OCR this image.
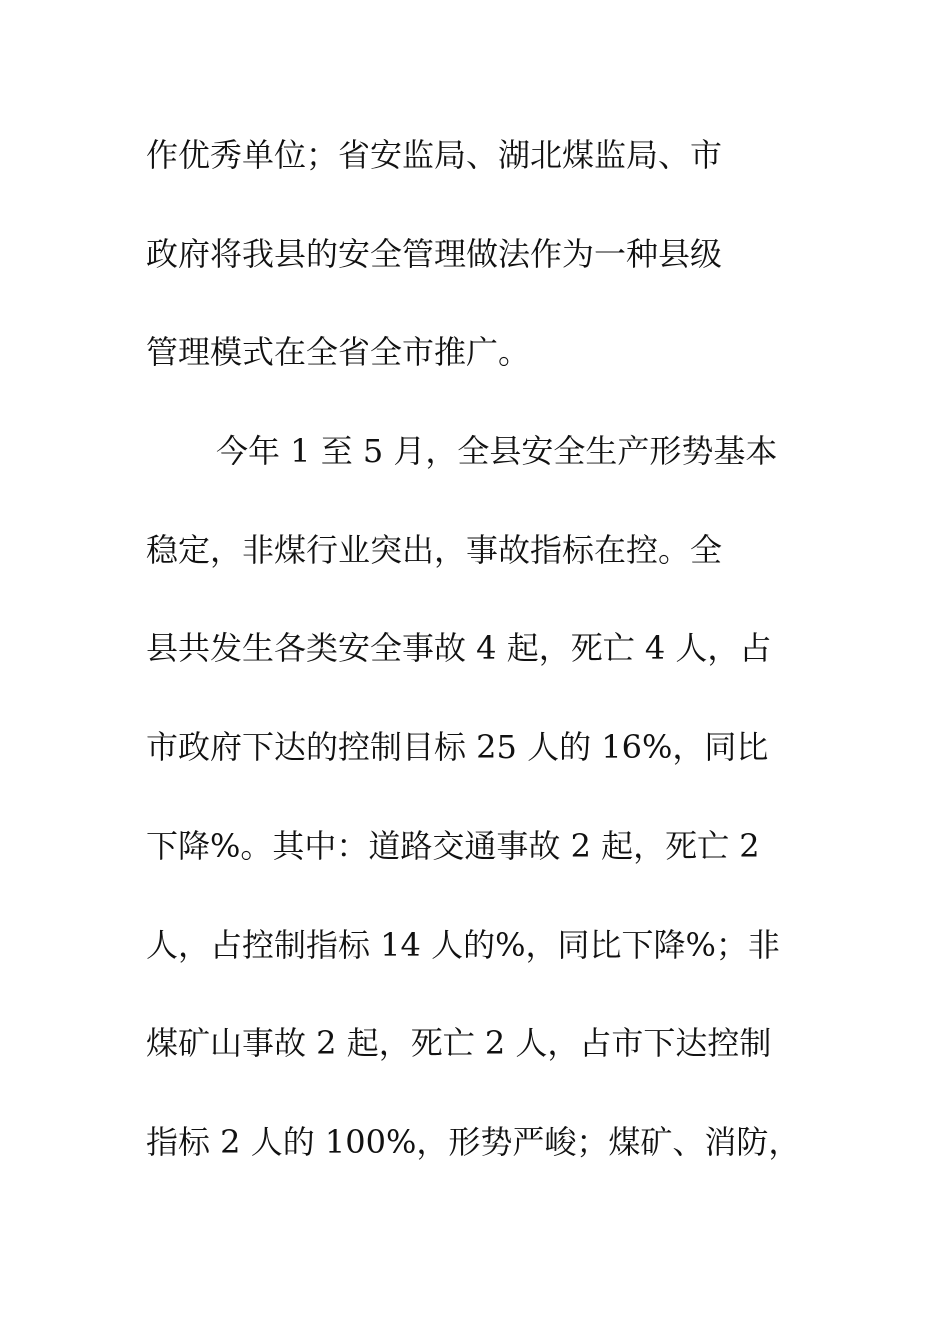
作优秀单位；省安监局、湖北煤监局、市
政府将我县的安全管理做法作为一种县级
管理模式在全省全市推广。
今年 1 至 5 月，全县安全生产形势基本
稳定，非煤行业突出，事故指标在控。全
县共发生各类安全事故 4 起，死亡 4 人，占
市政府下达的控制目标 25 人的 16%，同比
下降%。其中：道路交通事故 2 起，死亡 2
人，占控制指标 14 人的%，同比下降%；非
煤矿山事故 2 起，死亡 2 人，占市下达控制
指标 2 人的 100%，形势严峻；煤矿、消防，
